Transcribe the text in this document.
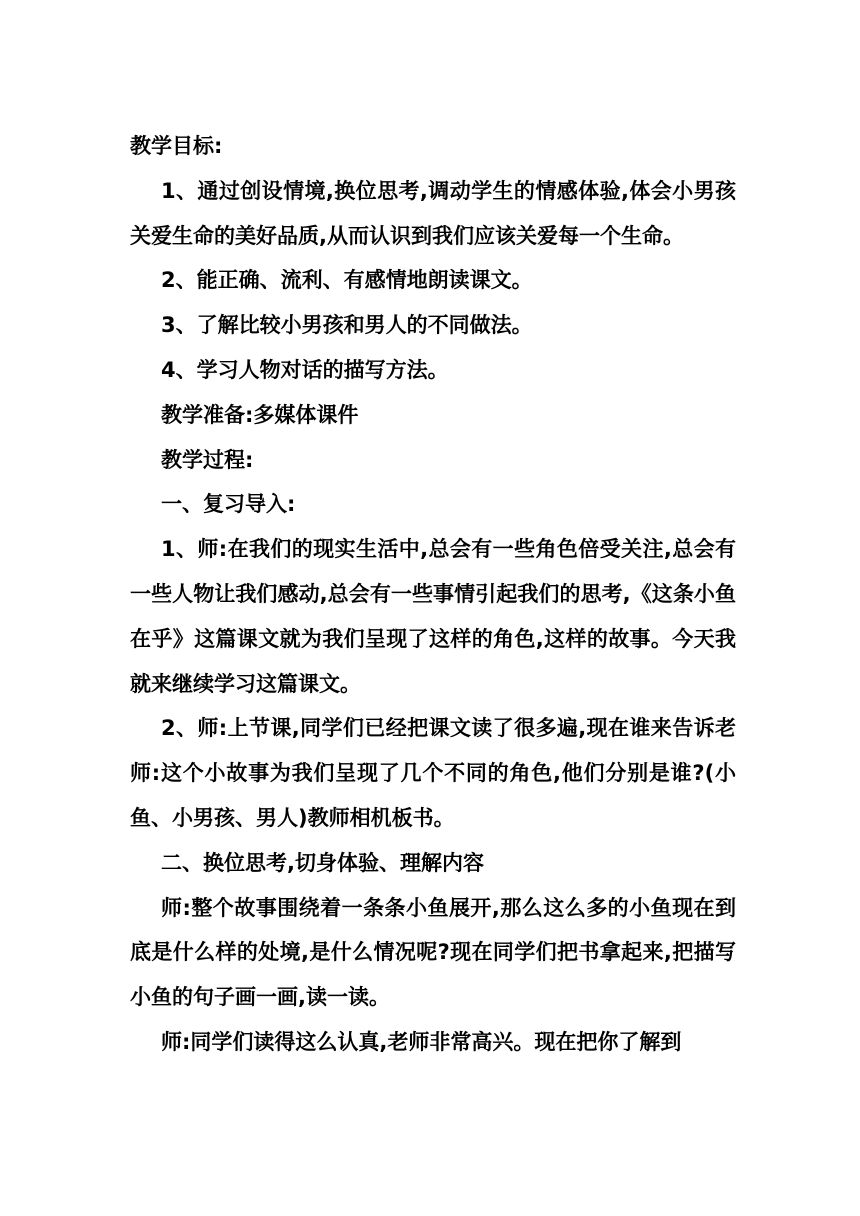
教学目标:

1、通过创设情境,换位思考,调动学生的情感体验,体会小男孩关爱生命的美好品质,从而认识到我们应该关爱每一个生命。

2、能正确、流利、有感情地朗读课文。

3、了解比较小男孩和男人的不同做法。

4、学习人物对话的描写方法。

教学准备:多媒体课件

教学过程:

一、复习导入:

1、师:在我们的现实生活中,总会有一些角色倍受关注,总会有一些人物让我们感动,总会有一些事情引起我们的思考,《这条小鱼在乎》这篇课文就为我们呈现了这样的角色,这样的故事。今天我就来继续学习这篇课文。

2、师:上节课,同学们已经把课文读了很多遍,现在谁来告诉老师:这个小故事为我们呈现了几个不同的角色,他们分别是谁?(小鱼、小男孩、男人)教师相机板书。

二、换位思考,切身体验、理解内容

师:整个故事围绕着一条条小鱼展开,那么这么多的小鱼现在到底是什么样的处境,是什么情况呢?现在同学们把书拿起来,把描写小鱼的句子画一画,读一读。

师:同学们读得这么认真,老师非常高兴。现在把你了解到
